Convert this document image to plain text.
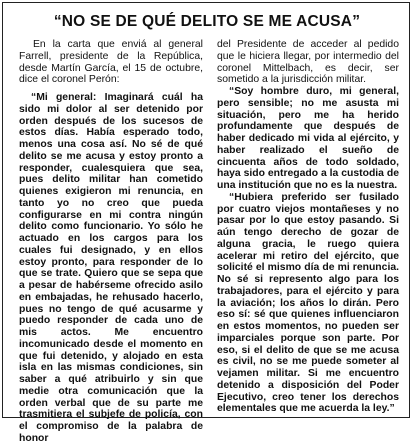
“NO SE DE QUÉ DELITO SE ME ACUSA”

En la carta que enviá al general Farrell, presidente de la República, desde Martín García, el 15 de octubre, dice el coronel Perón:

“Mi general: Imaginará cuál ha sido mi dolor al ser detenido por orden después de los sucesos de estos días. Había esperado todo, menos una cosa así. No sé de qué delito se me acusa y estoy pronto a responder, cualesquiera que sea, pues delito militar han cometido quienes exigieron mi renuncia, en tanto yo no creo que pueda configurarse en mi contra ningún delito como funcionario. Yo sólo he actuado en los cargos para los cuales fui designado, y en ellos estoy pronto, para responder de lo que se trate. Quiero que se sepa que a pesar de habérseme ofrecido asilo en embajadas, he rehusado hacerlo, pues no tengo de qué acusarme y puedo responder de cada uno de mis actos. Me encuentro incomunicado desde el momento en que fui detenido, y alojado en esta isla en las mismas condiciones, sin saber a qué atribuirlo y sin que medie otra comunicación que la orden verbal que de su parte me trasmitiera el subjefe de policía, con el compromiso de la palabra de honor

del Presidente de acceder al pedido que le hiciera llegar, por intermedio del coronel Mittelbach, es decir, ser sometido a la jurisdicción militar.

“Soy hombre duro, mi general, pero sensible; no me asusta mi situación, pero me ha herido profundamente que después de haber dedicado mi vida al ejército, y haber realizado el sueño de cincuenta años de todo soldado, haya sido entregado a la custodia de una institución que no es la nuestra.

“Hubiera preferido ser fusilado por cuatro viejos montañeses y no pasar por lo que estoy pasando. Si aún tengo derecho de gozar de alguna gracia, le ruego quiera acelerar mi retiro del ejército, que solicité el mismo día de mi renuncia. No sé si represento algo para los trabajadores, para el ejército y para la aviación; los años lo dirán. Pero eso sí: sé que quienes influenciaron en estos momentos, no pueden ser imparciales porque son parte. Por eso, si el delito de que se me acusa es civil, no se me puede someter al vejamen militar. Si me encuentro detenido a disposición del Poder Ejecutivo, creo tener los derechos elementales que me acuerda la ley.”
